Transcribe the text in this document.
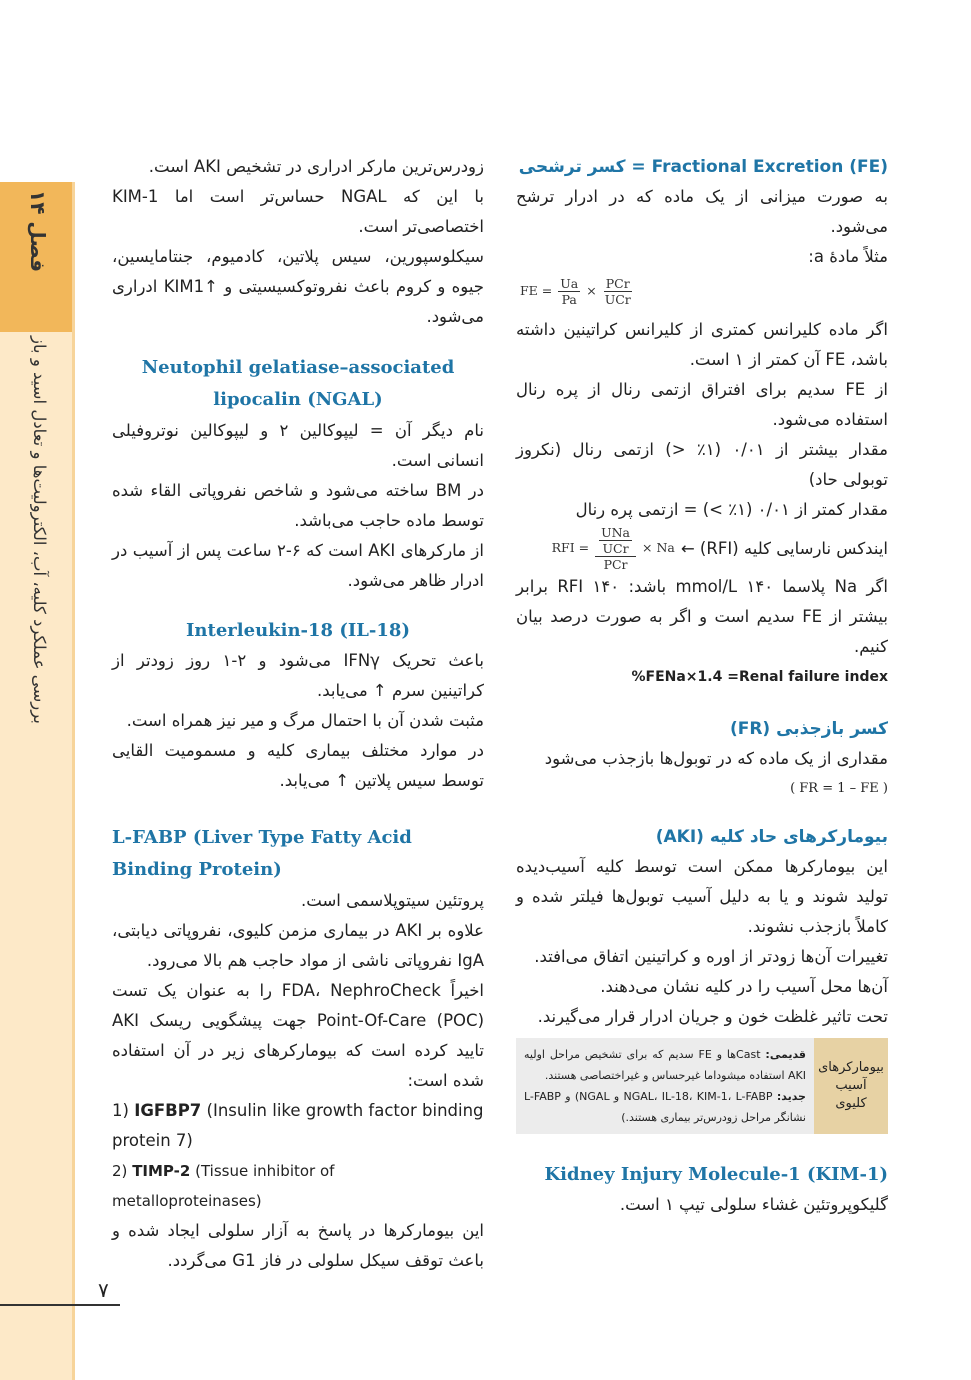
فصل ۱۴
بررسی عملکرد کلیه، آب، الکترولیت‌ها و تعادل اسید و باز
۷

Fractional Excretion (FE) = کسر ترشحی

به صورت میزانی از یک ماده که در ادرار ترشح می‌شود.

مثلاً مادهٔ a:

FE = $\frac{Ua}{Pa} \times \frac{\text{PCr}}{\text{UCr}}$

اگر ماده کلیرانس کمتری از کلیرانس کراتینین داشته باشد، FE آن کمتر از ۱ است.

از FE سدیم برای افتراق ازتمی رنال از پره رنال استفاده می‌شود.

مقدار بیشتر از ۰/۰۱ (۱٪ <) ازتمی رنال (نکروز توبولی حاد)

مقدار کمتر از ۰/۰۱ (۱٪ >) = ازتمی پره رنال

ایندکس نارسایی کلیه (RFI) ←
RFI = $\frac{\frac{\text{UNa}}{\text{UCr}}}{\text{PCr}} \times Na$

اگر Na پلاسما ۱۴۰ mmol/L باشد: RFI ۱۴۰ برابر بیشتر از FE سدیم است و اگر به صورت درصد بیان کنیم.

%FENa×1.4 =Renal failure index

کسر بازجذبی (FR)

مقداری از یک ماده که در توبول‌ها بازجذب می‌شود

( FR = 1 – FE )

بیومارکرهای حاد کلیه (AKI)

این بیومارکرها ممکن است توسط کلیه آسیب‌دیده تولید شوند و یا به دلیل آسیب توبول‌ها فیلتر شده و کاملاً بازجذب نشوند.

تغییرات آن‌ها زودتر از اوره و کراتینین اتفاق می‌افتد.

آن‌ها محل آسیب را در کلیه نشان می‌دهند.

تحت تاثیر غلظت خون و جریان ادرار قرار می‌گیرند.

بیومارکرهای آسیب کلیوی
قدیمی: Castها و FE سدیم که برای تشخیص مراحل اولیه AKI استفاده میشوداما غیرحساس و غیراختصاصی هستند.
جدید: NGAL، IL-18، KIM-1، L-FABP و NGAL) و L-FABP نشانگر مراحل زودرس‌تر بیماری هستند.)

Kidney Injury Molecule-1 (KIM-1)

گلیکوپروتئین غشاء سلولی تیپ ۱ است.

زودرس‌ترین مارکر ادراری در تشخیص AKI است.

با این که NGAL حساس‌تر است اما KIM-1 اختصاصی‌تر است.

سیکلوسپورین، سیس پلاتین، کادمیوم، جنتامایسین، جیوه و کروم باعث نفروتوکسیسیتی و ↑KIM1 ادراری می‌شود.

Neutophil gelatiase–associated lipocalin (NGAL)

نام دیگر آن = لیپوکالین ۲ و لیپوکالین نوتروفیلی انسانی است.

در BM ساخته می‌شود و شاخص نفروپاتی القاء شده توسط ماده حاجب می‌باشد.

از مارکرهای AKI است که ۶-۲ ساعت پس از آسیب در ادرار ظاهر می‌شود.

Interleukin-18 (IL-18)

باعث تحریک IFNγ می‌شود و ۲-۱ روز زودتر از کراتینین سرم ↑ می‌یابد.

مثبت شدن آن با احتمال مرگ و میر نیز همراه است.

در موارد مختلف بیماری کلیه و مسمومیت القایی توسط سیس پلاتین ↑ می‌یابد.

L-FABP (Liver Type Fatty Acid Binding Protein)

پروتئین سیتوپلاسمی است.

علاوه بر AKI در بیماری مزمن کلیوی، نفروپاتی دیابتی، IgA نفروپاتی ناشی از مواد حاجب هم بالا می‌رود.

اخیراً FDA، NephroCheck را به عنوان یک تست (POC) Point-Of-Care جهت پیشگویی ریسک AKI تایید کرده است که بیومارکرهای زیر در آن استفاده شده است:

1) IGFBP7 (Insulin like growth factor binding protein 7)

2) TIMP-2 (Tissue inhibitor of metalloproteinases)

این بیومارکرها در پاسخ به آزار سلولی ایجاد شده و باعث توقف سیکل سلولی در فاز G1 می‌گردد.
